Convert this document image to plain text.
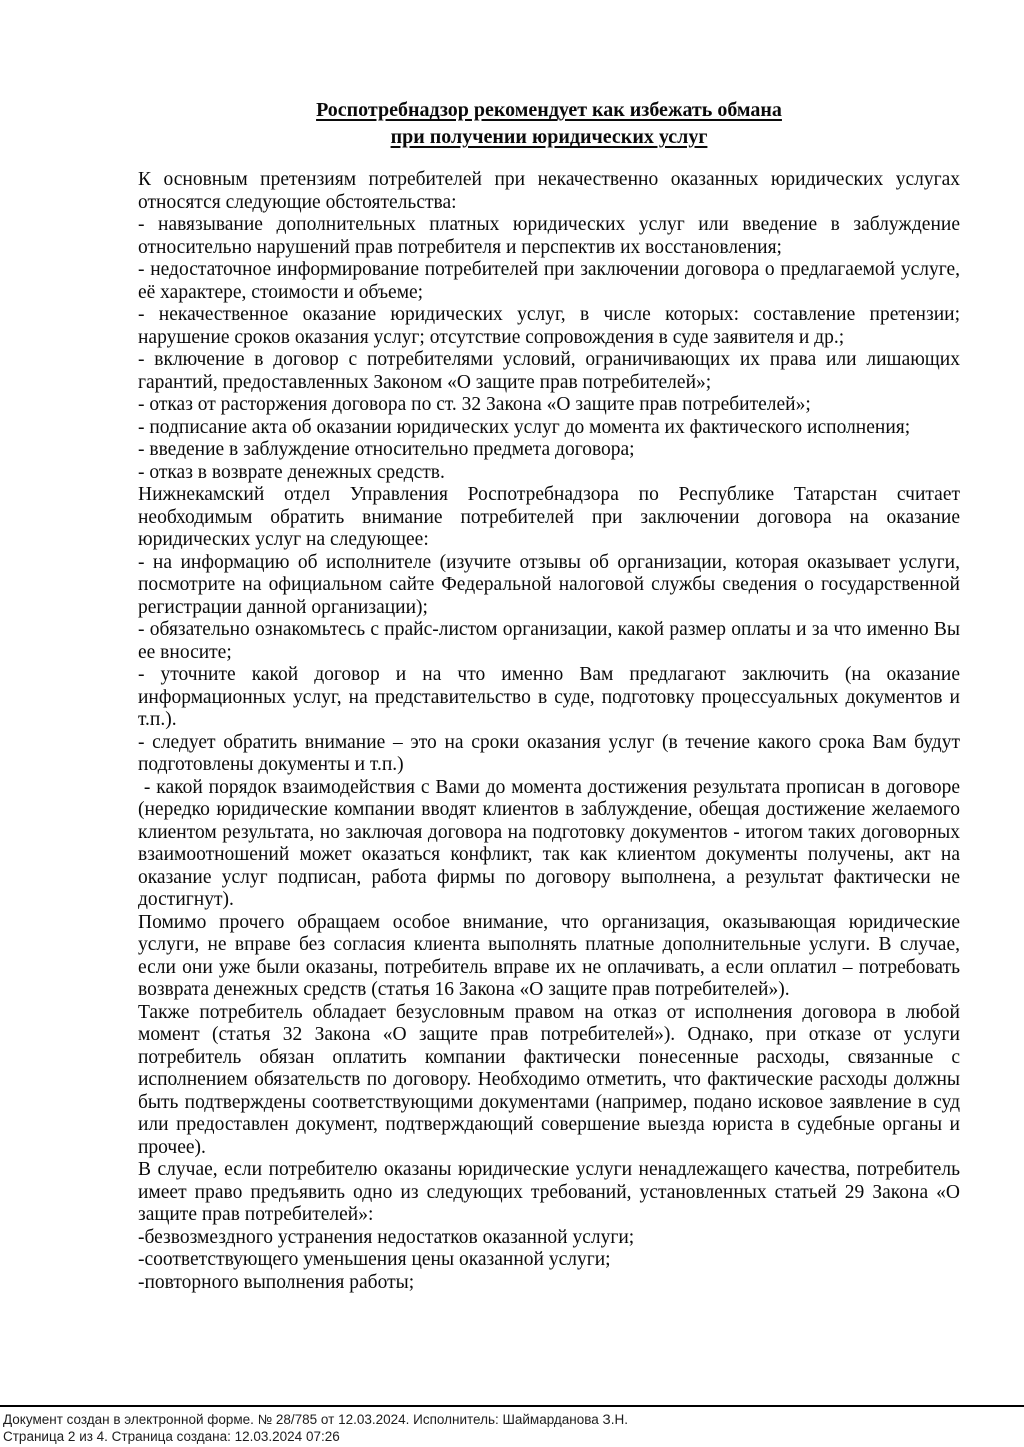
Роспотребнадзор рекомендует как избежать обмана
при получении юридических услуг

К основным претензиям потребителей при некачественно оказанных юридических услугах относятся следующие обстоятельства:

- навязывание дополнительных платных юридических услуг или введение в заблуждение относительно нарушений прав потребителя и перспектив их восстановления;

- недостаточное информирование потребителей при заключении договора о предлагаемой услуге, её характере, стоимости и объеме;

- некачественное оказание юридических услуг, в числе которых: составление претензии; нарушение сроков оказания услуг; отсутствие сопровождения в суде заявителя и др.;

- включение в договор с потребителями условий, ограничивающих их права или лишающих гарантий, предоставленных Законом «О защите прав потребителей»;

- отказ от расторжения договора по ст. 32 Закона «О защите прав потребителей»;

- подписание акта об оказании юридических услуг до момента их фактического исполнения;

- введение в заблуждение относительно предмета договора;

- отказ в возврате денежных средств.

Нижнекамский отдел Управления Роспотребнадзора по Республике Татарстан считает необходимым обратить внимание потребителей при заключении договора на оказание юридических услуг на следующее:

- на информацию об исполнителе (изучите отзывы об организации, которая оказывает услуги, посмотрите на официальном сайте Федеральной налоговой службы сведения о государственной регистрации данной организации);

- обязательно ознакомьтесь с прайс-листом организации, какой размер оплаты и за что именно Вы ее вносите;

- уточните какой договор и на что именно Вам предлагают заключить (на оказание информационных услуг, на представительство в суде, подготовку процессуальных документов и т.п.).

- следует обратить внимание – это на сроки оказания услуг (в течение какого срока Вам будут подготовлены документы и т.п.)

- какой порядок взаимодействия с Вами до момента достижения результата прописан в договоре (нередко юридические компании вводят клиентов в заблуждение, обещая достижение желаемого клиентом результата, но заключая договора на подготовку документов - итогом таких договорных взаимоотношений может оказаться конфликт, так как клиентом документы получены, акт на оказание услуг подписан, работа фирмы по договору выполнена, а результат фактически не достигнут).

Помимо прочего обращаем особое внимание, что организация, оказывающая юридические услуги, не вправе без согласия клиента выполнять платные дополнительные услуги. В случае, если они уже были оказаны, потребитель вправе их не оплачивать, а если оплатил – потребовать возврата денежных средств (статья 16 Закона «О защите прав потребителей»).

Также потребитель обладает безусловным правом на отказ от исполнения договора в любой момент (статья 32 Закона «О защите прав потребителей»). Однако, при отказе от услуги потребитель обязан оплатить компании фактически понесенные расходы, связанные с исполнением обязательств по договору. Необходимо отметить, что фактические расходы должны быть подтверждены соответствующими документами (например, подано исковое заявление в суд или предоставлен документ, подтверждающий совершение выезда юриста в судебные органы и прочее).

В случае, если потребителю оказаны юридические услуги ненадлежащего качества, потребитель имеет право предъявить одно из следующих требований, установленных статьей 29 Закона «О защите прав потребителей»:

-безвозмездного устранения недостатков оказанной услуги;

-соответствующего уменьшения цены оказанной услуги;

-повторного выполнения работы;

Документ создан в электронной форме. № 28/785 от 12.03.2024. Исполнитель: Шаймарданова З.Н.
Страница 2 из 4. Страница создана: 12.03.2024 07:26
